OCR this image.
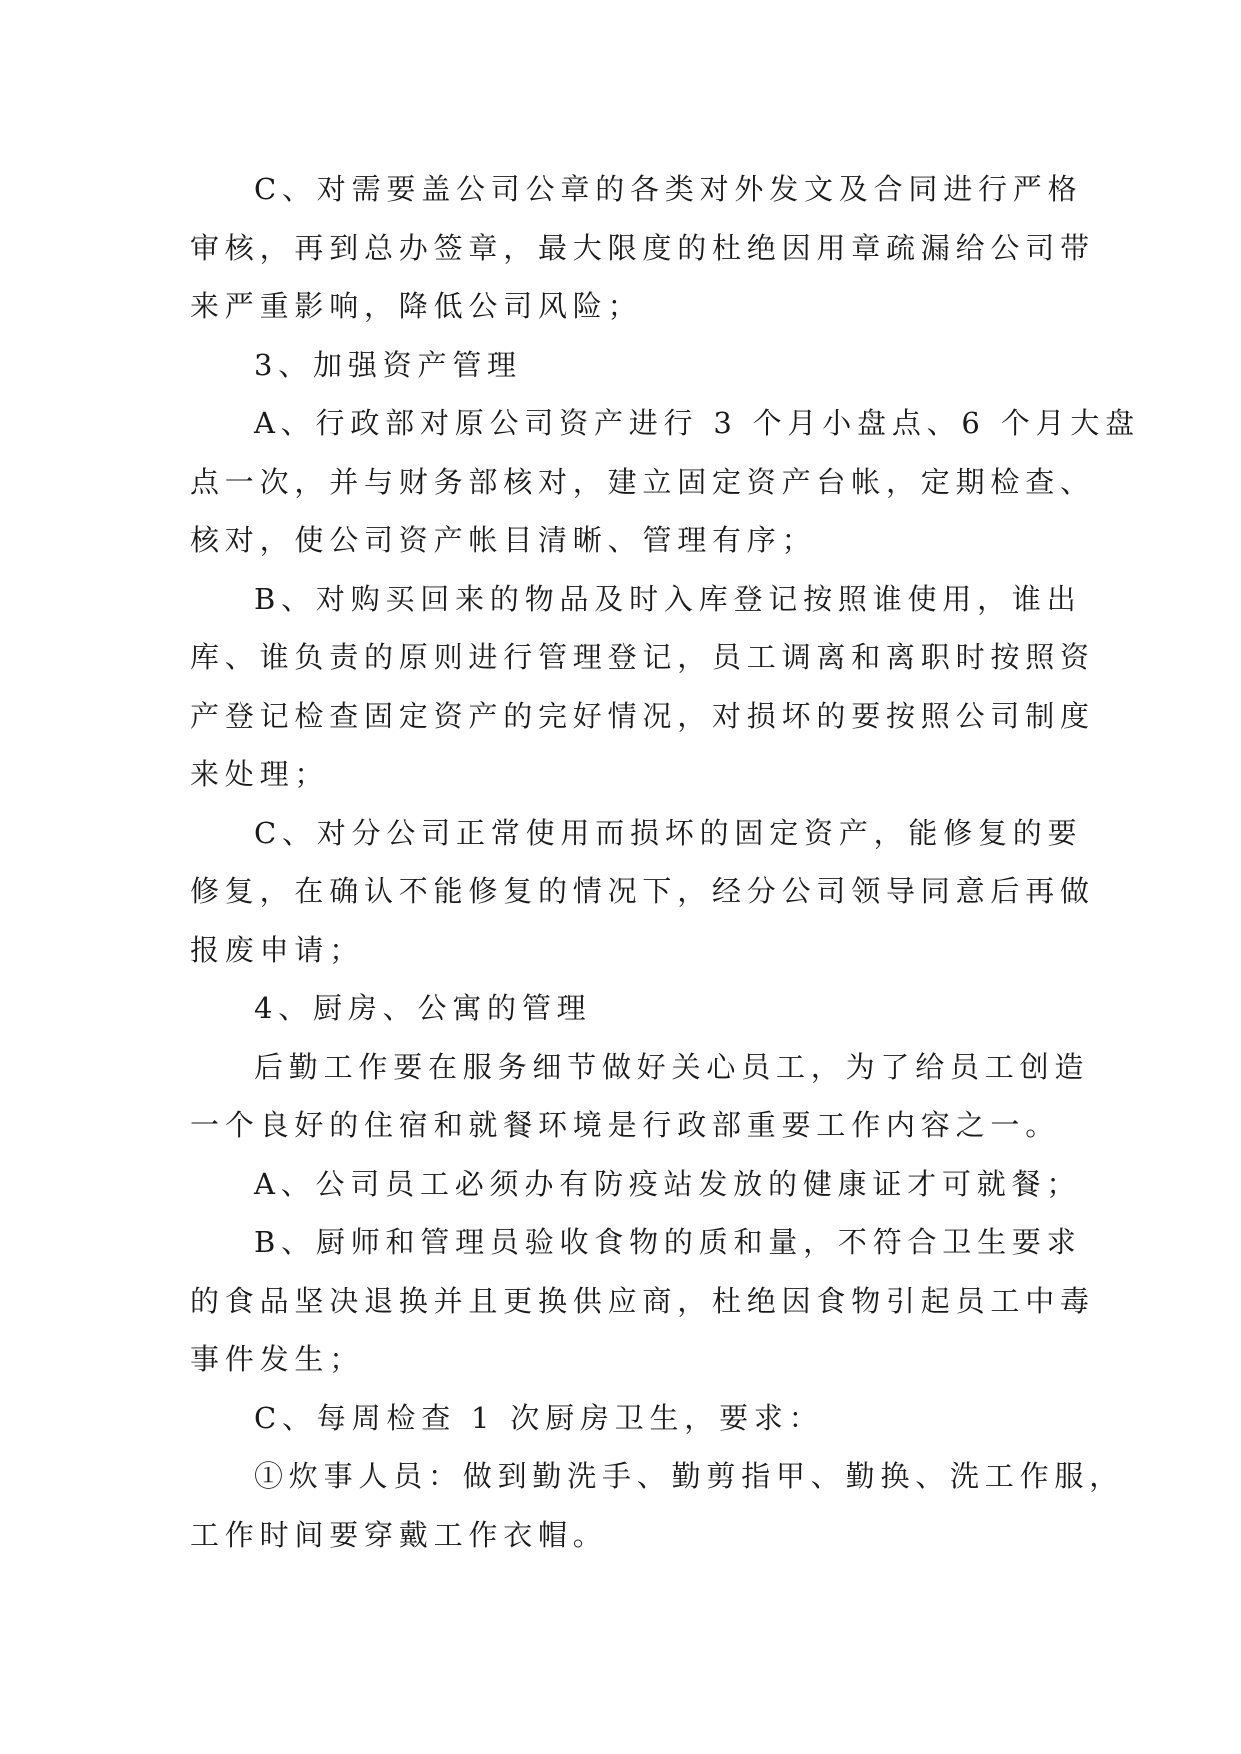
C、对需要盖公司公章的各类对外发文及合同进行严格
审核，再到总办签章，最大限度的杜绝因用章疏漏给公司带
来严重影响，降低公司风险；
3、加强资产管理
A、行政部对原公司资产进行 3 个月小盘点、6 个月大盘
点一次，并与财务部核对，建立固定资产台帐，定期检查、
核对，使公司资产帐目清晰、管理有序；
B、对购买回来的物品及时入库登记按照谁使用，谁出
库、谁负责的原则进行管理登记，员工调离和离职时按照资
产登记检查固定资产的完好情况，对损坏的要按照公司制度
来处理；
C、对分公司正常使用而损坏的固定资产，能修复的要
修复，在确认不能修复的情况下，经分公司领导同意后再做
报废申请；
4、厨房、公寓的管理
后勤工作要在服务细节做好关心员工，为了给员工创造
一个良好的住宿和就餐环境是行政部重要工作内容之一。
A、公司员工必须办有防疫站发放的健康证才可就餐；
B、厨师和管理员验收食物的质和量，不符合卫生要求
的食品坚决退换并且更换供应商，杜绝因食物引起员工中毒
事件发生；
C、每周检查 1 次厨房卫生，要求：
①炊事人员：做到勤洗手、勤剪指甲、勤换、洗工作服，
工作时间要穿戴工作衣帽。
